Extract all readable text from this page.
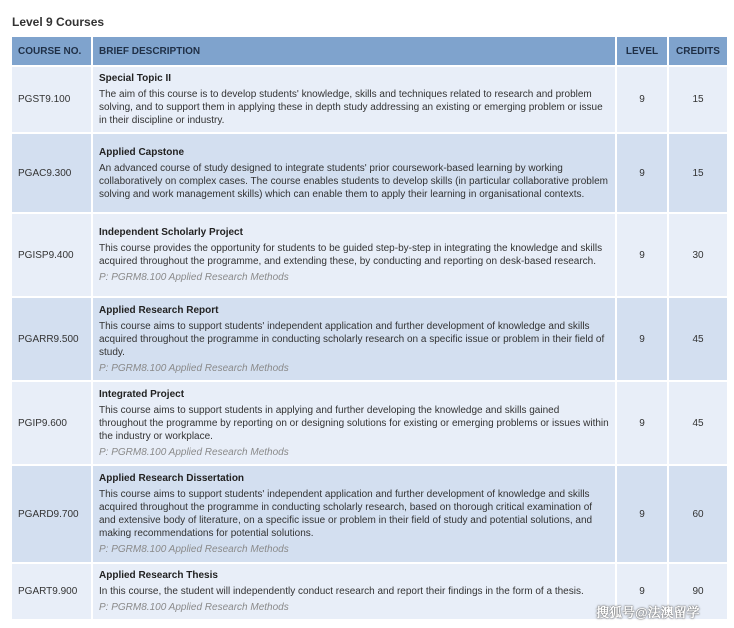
Level 9 Courses
COURSE NO.	BRIEF DESCRIPTION	LEVEL	CREDITS
PGST9.100	Special Topic II
The aim of this course is to develop students' knowledge, skills and techniques related to research and problem solving, and to support them in applying these in depth study addressing an existing or emerging problem or issue in their discipline or industry.	9	15
PGAC9.300	Applied Capstone
An advanced course of study designed to integrate students' prior coursework-based learning by working collaboratively on complex cases. The course enables students to develop skills (in particular collaborative problem solving and work management skills) which can enable them to apply their learning in organisational contexts.	9	15
PGISP9.400	Independent Scholarly Project
This course provides the opportunity for students to be guided step-by-step in integrating the knowledge and skills acquired throughout the programme, and extending these, by conducting and reporting on desk-based research.
P: PGRM8.100 Applied Research Methods	9	30
PGARR9.500	Applied Research Report
This course aims to support students' independent application and further development of knowledge and skills acquired throughout the programme in conducting scholarly research on a specific issue or problem in their field of study.
P: PGRM8.100 Applied Research Methods	9	45
PGIP9.600	Integrated Project
This course aims to support students in applying and further developing the knowledge and skills gained throughout the programme by reporting on or designing solutions for existing or emerging problems or issues within the industry or workplace.
P: PGRM8.100 Applied Research Methods	9	45
PGARD9.700	Applied Research Dissertation
This course aims to support students' independent application and further development of knowledge and skills acquired throughout the programme in conducting scholarly research, based on thorough critical examination of and extensive body of literature, on a specific issue or problem in their field of study and potential solutions, and making recommendations for potential solutions.
P: PGRM8.100 Applied Research Methods	9	60
PGART9.900	Applied Research Thesis
In this course, the student will independently conduct research and report their findings in the form of a thesis.
P: PGRM8.100 Applied Research Methods	9	90
搜狐号@法澳留学
